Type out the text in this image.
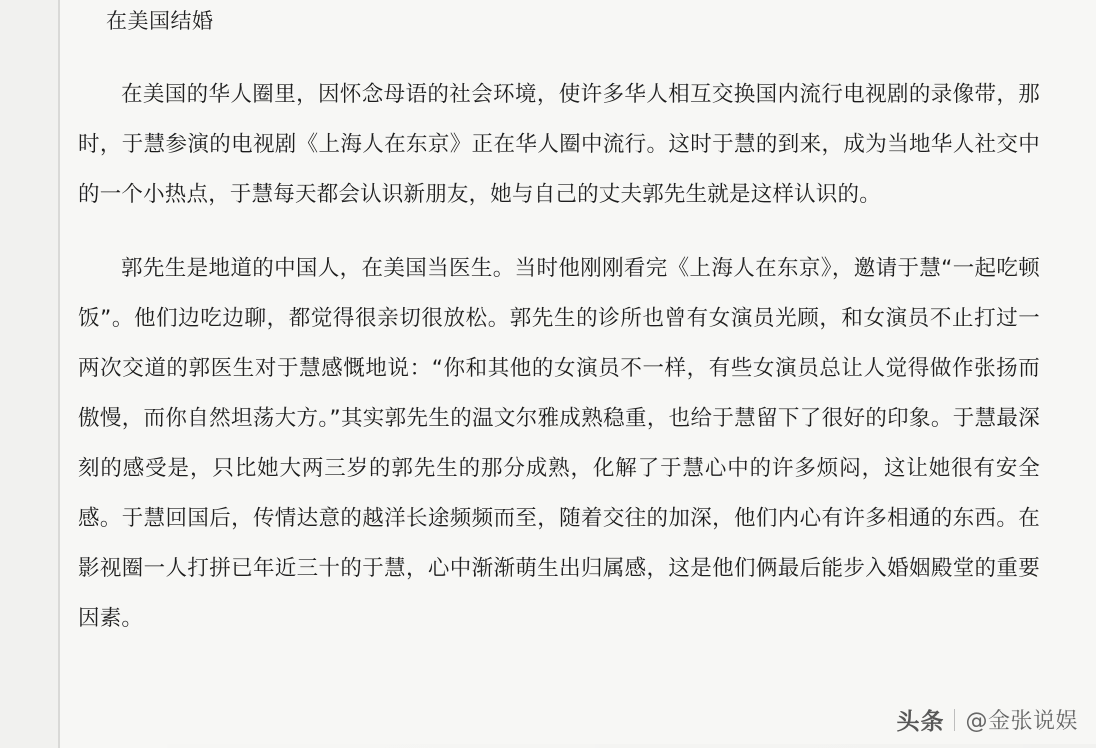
在美国结婚

在美国的华人圈里，因怀念母语的社会环境，使许多华人相互交换国内流行电视剧的录像带，那时，于慧参演的电视剧《上海人在东京》正在华人圈中流行。这时于慧的到来，成为当地华人社交中的一个小热点，于慧每天都会认识新朋友，她与自己的丈夫郭先生就是这样认识的。

郭先生是地道的中国人，在美国当医生。当时他刚刚看完《上海人在东京》，邀请于慧“一起吃顿饭”。他们边吃边聊，都觉得很亲切很放松。郭先生的诊所也曾有女演员光顾，和女演员不止打过一两次交道的郭医生对于慧感慨地说：“你和其他的女演员不一样，有些女演员总让人觉得做作张扬而傲慢，而你自然坦荡大方。”其实郭先生的温文尔雅成熟稳重，也给于慧留下了很好的印象。于慧最深刻的感受是，只比她大两三岁的郭先生的那分成熟，化解了于慧心中的许多烦闷，这让她很有安全感。于慧回国后，传情达意的越洋长途频频而至，随着交往的加深，他们内心有许多相通的东西。在影视圈一人打拼已年近三十的于慧，心中渐渐萌生出归属感，这是他们俩最后能步入婚姻殿堂的重要因素。

头条 @金张说娱
